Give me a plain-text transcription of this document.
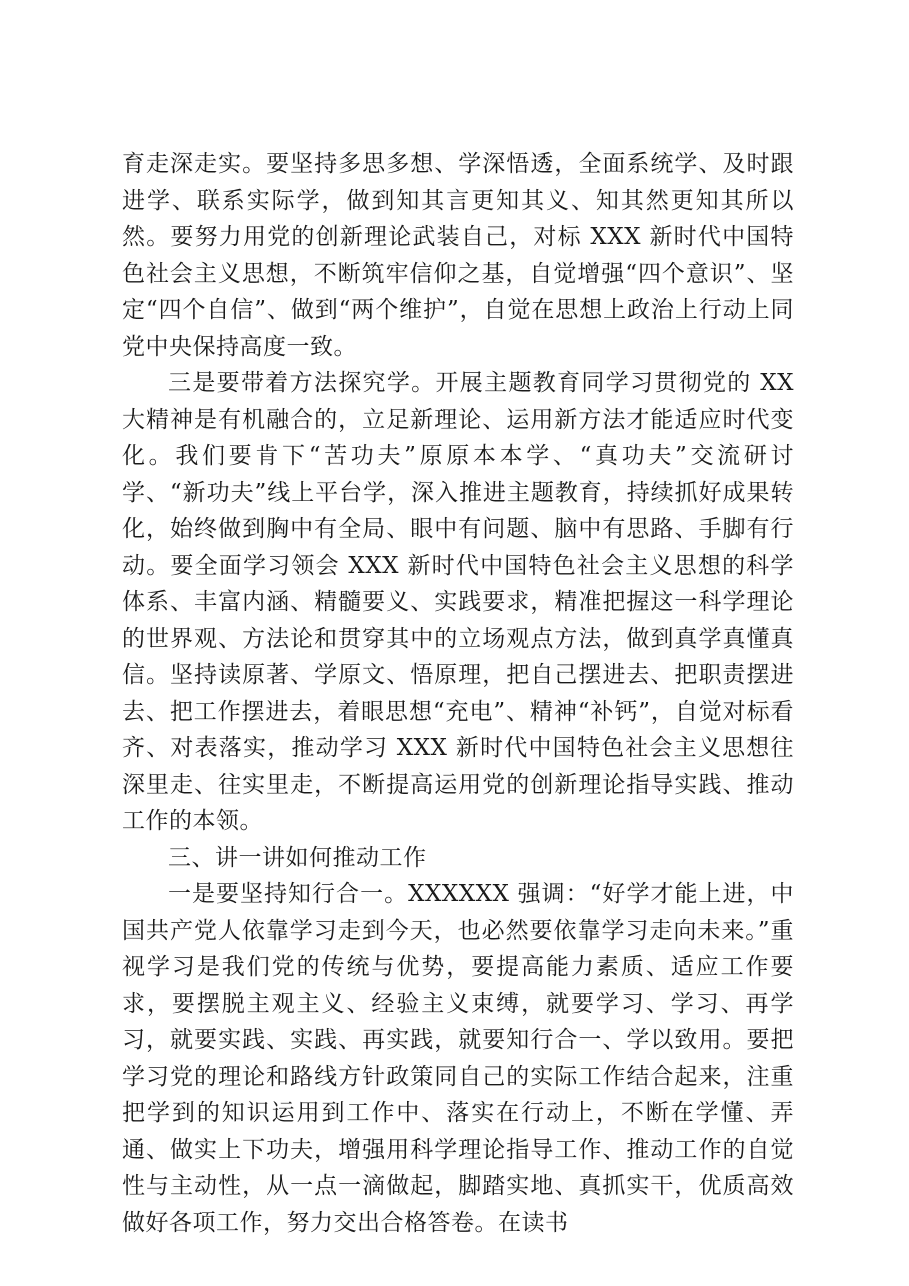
育走深走实。要坚持多思多想、学深悟透，全面系统学、及时跟进学、联系实际学，做到知其言更知其义、知其然更知其所以然。要努力用党的创新理论武装自己，对标 XXX 新时代中国特色社会主义思想，不断筑牢信仰之基，自觉增强“四个意识”、坚定“四个自信”、做到“两个维护”，自觉在思想上政治上行动上同党中央保持高度一致。

三是要带着方法探究学。开展主题教育同学习贯彻党的 XX 大精神是有机融合的，立足新理论、运用新方法才能适应时代变化。我们要肯下“苦功夫”原原本本学、“真功夫”交流研讨学、“新功夫”线上平台学，深入推进主题教育，持续抓好成果转化，始终做到胸中有全局、眼中有问题、脑中有思路、手脚有行动。要全面学习领会 XXX 新时代中国特色社会主义思想的科学体系、丰富内涵、精髓要义、实践要求，精准把握这一科学理论的世界观、方法论和贯穿其中的立场观点方法，做到真学真懂真信。坚持读原著、学原文、悟原理，把自己摆进去、把职责摆进去、把工作摆进去，着眼思想“充电”、精神“补钙”，自觉对标看齐、对表落实，推动学习 XXX 新时代中国特色社会主义思想往深里走、往实里走，不断提高运用党的创新理论指导实践、推动工作的本领。

三、讲一讲如何推动工作

一是要坚持知行合一。XXXXXX 强调：“好学才能上进，中国共产党人依靠学习走到今天，也必然要依靠学习走向未来。”重视学习是我们党的传统与优势，要提高能力素质、适应工作要求，要摆脱主观主义、经验主义束缚，就要学习、学习、再学习，就要实践、实践、再实践，就要知行合一、学以致用。要把学习党的理论和路线方针政策同自己的实际工作结合起来，注重把学到的知识运用到工作中、落实在行动上，不断在学懂、弄通、做实上下功夫，增强用科学理论指导工作、推动工作的自觉性与主动性，从一点一滴做起，脚踏实地、真抓实干，优质高效做好各项工作，努力交出合格答卷。在读书
